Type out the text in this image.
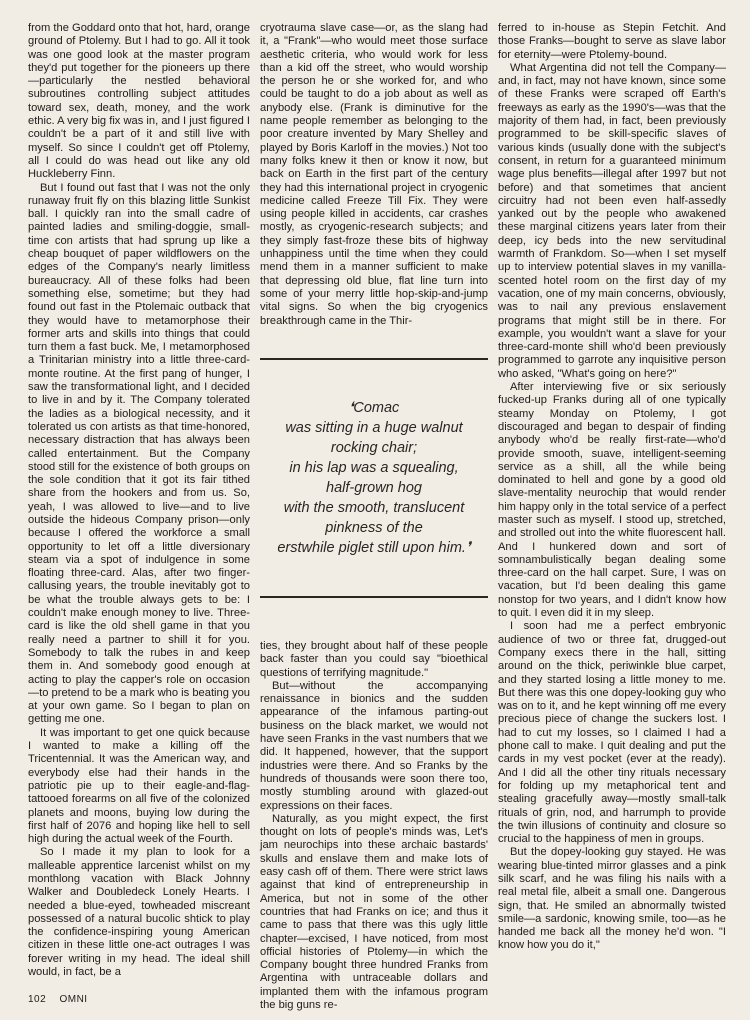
from the Goddard onto that hot, hard, orange ground of Ptolemy. But I had to go. All it took was one good look at the master program they'd put together for the pioneers up there—particularly the nestled behavioral subroutines controlling subject attitudes toward sex, death, money, and the work ethic. A very big fix was in, and I just figured I couldn't be a part of it and still live with myself. So since I couldn't get off Ptolemy, all I could do was head out like any old Huckleberry Finn.

But I found out fast that I was not the only runaway fruit fly on this blazing little Sunkist ball. I quickly ran into the small cadre of painted ladies and smiling-doggie, small-time con artists that had sprung up like a cheap bouquet of paper wildflowers on the edges of the Company's nearly limitless bureaucracy. All of these folks had been something else, sometime; but they had found out fast in the Ptolemaic outback that they would have to metamorphose their former arts and skills into things that could turn them a fast buck. Me, I metamorphosed a Trinitarian ministry into a little three-card-monte routine. At the first pang of hunger, I saw the transformational light, and I decided to live in and by it. The Company tolerated the ladies as a biological necessity, and it tolerated us con artists as that time-honored, necessary distraction that has always been called entertainment. But the Company stood still for the existence of both groups on the sole condition that it got its fair tithed share from the hookers and from us. So, yeah, I was allowed to live—and to live outside the hideous Company prison—only because I offered the workforce a small opportunity to let off a little diversionary steam via a spot of indulgence in some floating three-card. Alas, after two finger-callusing years, the trouble inevitably got to be what the trouble always gets to be: I couldn't make enough money to live. Three-card is like the old shell game in that you really need a partner to shill it for you. Somebody to talk the rubes in and keep them in. And somebody good enough at acting to play the capper's role on occasion—to pretend to be a mark who is beating you at your own game. So I began to plan on getting me one.

It was important to get one quick because I wanted to make a killing off the Tricentennial. It was the American way, and everybody else had their hands in the patriotic pie up to their eagle-and-flag-tattooed forearms on all five of the colonized planets and moons, buying low during the first half of 2076 and hoping like hell to sell high during the actual week of the Fourth.

So I made it my plan to look for a malleable apprentice larcenist whilst on my monthlong vacation with Black Johnny Walker and Doubledeck Lonely Hearts. I needed a blue-eyed, towheaded miscreant possessed of a natural bucolic shtick to play the confidence-inspiring young American citizen in these little one-act outrages I was forever writing in my head. The ideal shill would, in fact, be a

cryotrauma slave case—or, as the slang had it, a "Frank"—who would meet those surface aesthetic criteria, who would work for less than a kid off the street, who would worship the person he or she worked for, and who could be taught to do a job about as well as anybody else. (Frank is diminutive for the name people remember as belonging to the poor creature invented by Mary Shelley and played by Boris Karloff in the movies.) Not too many folks knew it then or know it now, but back on Earth in the first part of the century they had this international project in cryogenic medicine called Freeze Till Fix. They were using people killed in accidents, car crashes mostly, as cryogenic-research subjects; and they simply fast-froze these bits of highway unhappiness until the time when they could mend them in a manner sufficient to make that depressing old blue, flat line turn into some of your merry little hop-skip-and-jump vital signs. So when the big cryogenics breakthrough came in the Thir-

❛Comac
was sitting in a huge walnut
rocking chair;
in his lap was a squealing,
half-grown hog
with the smooth, translucent
pinkness of the
erstwhile piglet still upon him.❜

ties, they brought about half of these people back faster than you could say "bioethical questions of terrifying magnitude."

But—without the accompanying renaissance in bionics and the sudden appearance of the infamous parting-out business on the black market, we would not have seen Franks in the vast numbers that we did. It happened, however, that the support industries were there. And so Franks by the hundreds of thousands were soon there too, mostly stumbling around with glazed-out expressions on their faces.

Naturally, as you might expect, the first thought on lots of people's minds was, Let's jam neurochips into these archaic bastards' skulls and enslave them and make lots of easy cash off of them. There were strict laws against that kind of entrepreneurship in America, but not in some of the other countries that had Franks on ice; and thus it came to pass that there was this ugly little chapter—excised, I have noticed, from most official histories of Ptolemy—in which the Company bought three hundred Franks from Argentina with untraceable dollars and implanted them with the infamous program the big guns re-

ferred to in-house as Stepin Fetchit. And those Franks—bought to serve as slave labor for eternity—were Ptolemy-bound.

What Argentina did not tell the Company—and, in fact, may not have known, since some of these Franks were scraped off Earth's freeways as early as the 1990's—was that the majority of them had, in fact, been previously programmed to be skill-specific slaves of various kinds (usually done with the subject's consent, in return for a guaranteed minimum wage plus benefits—illegal after 1997 but not before) and that sometimes that ancient circuitry had not been even half-assedly yanked out by the people who awakened these marginal citizens years later from their deep, icy beds into the new servitudinal warmth of Frankdom. So—when I set myself up to interview potential slaves in my vanilla-scented hotel room on the first day of my vacation, one of my main concerns, obviously, was to nail any previous enslavement programs that might still be in there. For example, you wouldn't want a slave for your three-card-monte shill who'd been previously programmed to garrote any inquisitive person who asked, "What's going on here?"

After interviewing five or six seriously fucked-up Franks during all of one typically steamy Monday on Ptolemy, I got discouraged and began to despair of finding anybody who'd be really first-rate—who'd provide smooth, suave, intelligent-seeming service as a shill, all the while being dominated to hell and gone by a good old slave-mentality neurochip that would render him happy only in the total service of a perfect master such as myself. I stood up, stretched, and strolled out into the white fluorescent hall. And I hunkered down and sort of somnambulistically began dealing some three-card on the hall carpet. Sure, I was on vacation, but I'd been dealing this game nonstop for two years, and I didn't know how to quit. I even did it in my sleep.

I soon had me a perfect embryonic audience of two or three fat, drugged-out Company execs there in the hall, sitting around on the thick, periwinkle blue carpet, and they started losing a little money to me. But there was this one dopey-looking guy who was on to it, and he kept winning off me every precious piece of change the suckers lost. I had to cut my losses, so I claimed I had a phone call to make. I quit dealing and put the cards in my vest pocket (ever at the ready). And I did all the other tiny rituals necessary for folding up my metaphorical tent and stealing gracefully away—mostly small-talk rituals of grin, nod, and harrumph to provide the twin illusions of continuity and closure so crucial to the happiness of men in groups.

But the dopey-looking guy stayed. He was wearing blue-tinted mirror glasses and a pink silk scarf, and he was filing his nails with a real metal file, albeit a small one. Dangerous sign, that. He smiled an abnormally twisted smile—a sardonic, knowing smile, too—as he handed me back all the money he'd won. "I know how you do it,"

102 OMNI
